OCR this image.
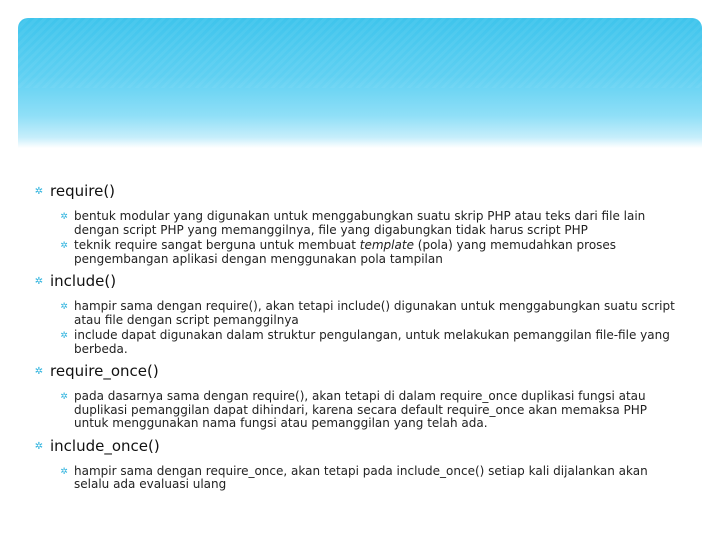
✲ require()
✲ bentuk modular yang digunakan untuk menggabungkan suatu skrip PHP atau teks dari file lain dengan script PHP yang memanggilnya, file yang digabungkan tidak harus script PHP
✲ teknik require sangat berguna untuk membuat template (pola) yang memudahkan proses pengembangan aplikasi dengan menggunakan pola tampilan
✲ include()
✲ hampir sama dengan require(), akan tetapi include() digunakan untuk menggabungkan suatu script atau file dengan script pemanggilnya
✲ include dapat digunakan dalam struktur pengulangan, untuk melakukan pemanggilan file-file yang berbeda.
✲ require_once()
✲ pada dasarnya sama dengan require(), akan tetapi di dalam require_once duplikasi fungsi atau duplikasi pemanggilan dapat dihindari, karena secara default require_once akan memaksa PHP untuk menggunakan nama fungsi atau pemanggilan yang telah ada.
✲ include_once()
✲ hampir sama dengan require_once, akan tetapi pada include_once() setiap kali dijalankan akan selalu ada evaluasi ulang
